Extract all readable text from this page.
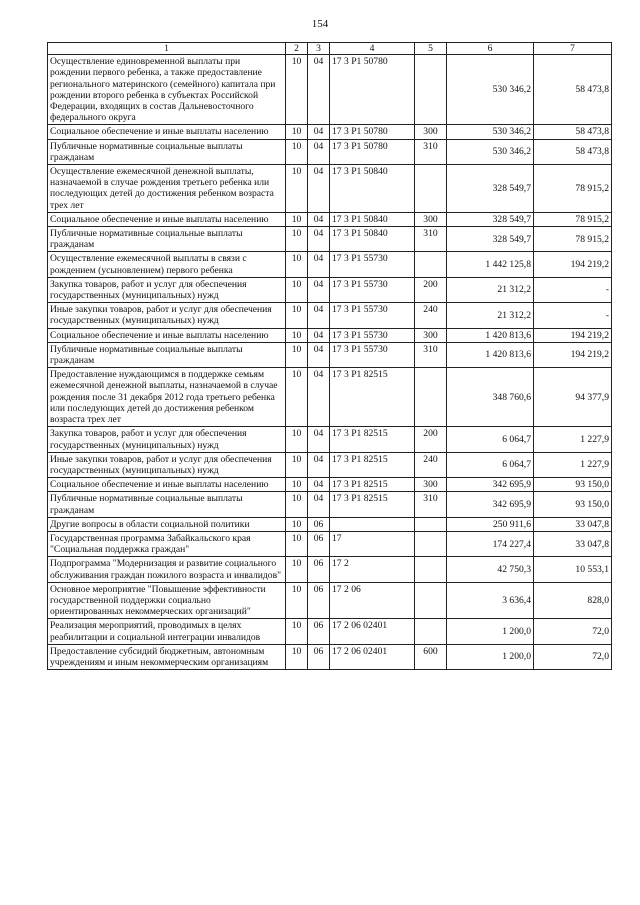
154
1	2	3	4	5	6	7
Осуществление единовременной выплаты при рождении первого ребенка, а также предоставление регионального материнского (семейного) капитала при рождении второго ребенка в субъектах Российской Федерации, входящих в состав Дальневосточного федерального округа	10	04	17 3 P1 50780		530 346,2	58 473,8
Социальное обеспечение и иные выплаты населению	10	04	17 3 P1 50780	300	530 346,2	58 473,8
Публичные нормативные социальные выплаты гражданам	10	04	17 3 P1 50780	310	530 346,2	58 473,8
Осуществление ежемесячной денежной выплаты, назначаемой в случае рождения третьего ребенка или последующих детей до достижения ребенком возраста трех лет	10	04	17 3 P1 50840		328 549,7	78 915,2
Социальное обеспечение и иные выплаты населению	10	04	17 3 P1 50840	300	328 549,7	78 915,2
Публичные нормативные социальные выплаты гражданам	10	04	17 3 P1 50840	310	328 549,7	78 915,2
Осуществление ежемесячной выплаты в связи с рождением (усыновлением) первого ребенка	10	04	17 3 P1 55730		1 442 125,8	194 219,2
Закупка товаров, работ и услуг для обеспечения государственных (муниципальных) нужд	10	04	17 3 P1 55730	200	21 312,2	-
Иные закупки товаров, работ и услуг для обеспечения государственных (муниципальных) нужд	10	04	17 3 P1 55730	240	21 312,2	-
Социальное обеспечение и иные выплаты населению	10	04	17 3 P1 55730	300	1 420 813,6	194 219,2
Публичные нормативные социальные выплаты гражданам	10	04	17 3 P1 55730	310	1 420 813,6	194 219,2
Предоставление нуждающимся в поддержке семьям ежемесячной денежной выплаты, назначаемой в случае рождения после 31 декабря 2012 года третьего ребенка или последующих детей до достижения ребенком возраста трех лет	10	04	17 3 P1 82515		348 760,6	94 377,9
Закупка товаров, работ и услуг для обеспечения государственных (муниципальных) нужд	10	04	17 3 P1 82515	200	6 064,7	1 227,9
Иные закупки товаров, работ и услуг для обеспечения государственных (муниципальных) нужд	10	04	17 3 P1 82515	240	6 064,7	1 227,9
Социальное обеспечение и иные выплаты населению	10	04	17 3 P1 82515	300	342 695,9	93 150,0
Публичные нормативные социальные выплаты гражданам	10	04	17 3 P1 82515	310	342 695,9	93 150,0
Другие вопросы в области социальной политики	10	06			250 911,6	33 047,8
Государственная программа Забайкальского края "Социальная поддержка граждан"	10	06	17		174 227,4	33 047,8
Подпрограмма "Модернизация и развитие социального обслуживания граждан пожилого возраста и инвалидов"	10	06	17 2		42 750,3	10 553,1
Основное мероприятие "Повышение эффективности государственной поддержки социально ориентированных некоммерческих организаций"	10	06	17 2 06		3 636,4	828,0
Реализация мероприятий, проводимых в целях реабилитации и социальной интеграции инвалидов	10	06	17 2 06 02401		1 200,0	72,0
Предоставление субсидий бюджетным, автономным учреждениям и иным некоммерческим организациям	10	06	17 2 06 02401	600	1 200,0	72,0
